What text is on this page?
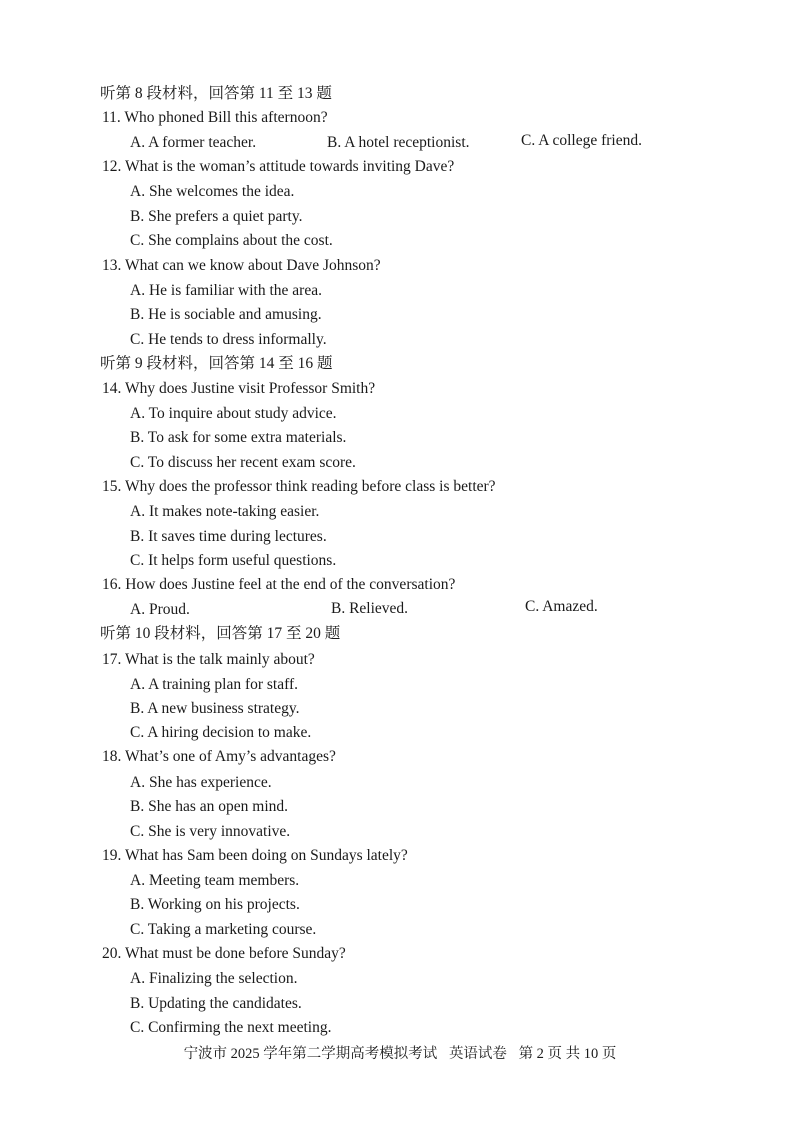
听第 8 段材料，回答第 11 至 13 题
11. Who phoned Bill this afternoon?
A. A former teacher.	B. A hotel receptionist.	C. A college friend.
12. What is the woman’s attitude towards inviting Dave?
A. She welcomes the idea.
B. She prefers a quiet party.
C. She complains about the cost.
13. What can we know about Dave Johnson?
A. He is familiar with the area.
B. He is sociable and amusing.
C. He tends to dress informally.
听第 9 段材料，回答第 14 至 16 题
14. Why does Justine visit Professor Smith?
A. To inquire about study advice.
B. To ask for some extra materials.
C. To discuss her recent exam score.
15. Why does the professor think reading before class is better?
A. It makes note-taking easier.
B. It saves time during lectures.
C. It helps form useful questions.
16. How does Justine feel at the end of the conversation?
A. Proud.	B. Relieved.	C. Amazed.
听第 10 段材料，回答第 17 至 20 题
17. What is the talk mainly about?
A. A training plan for staff.
B. A new business strategy.
C. A hiring decision to make.
18. What’s one of Amy’s advantages?
A. She has experience.
B. She has an open mind.
C. She is very innovative.
19. What has Sam been doing on Sundays lately?
A. Meeting team members.
B. Working on his projects.
C. Taking a marketing course.
20. What must be done before Sunday?
A. Finalizing the selection.
B. Updating the candidates.
C. Confirming the next meeting.
宁波市 2025 学年第二学期高考模拟考试 英语试卷 第 2 页 共 10 页
